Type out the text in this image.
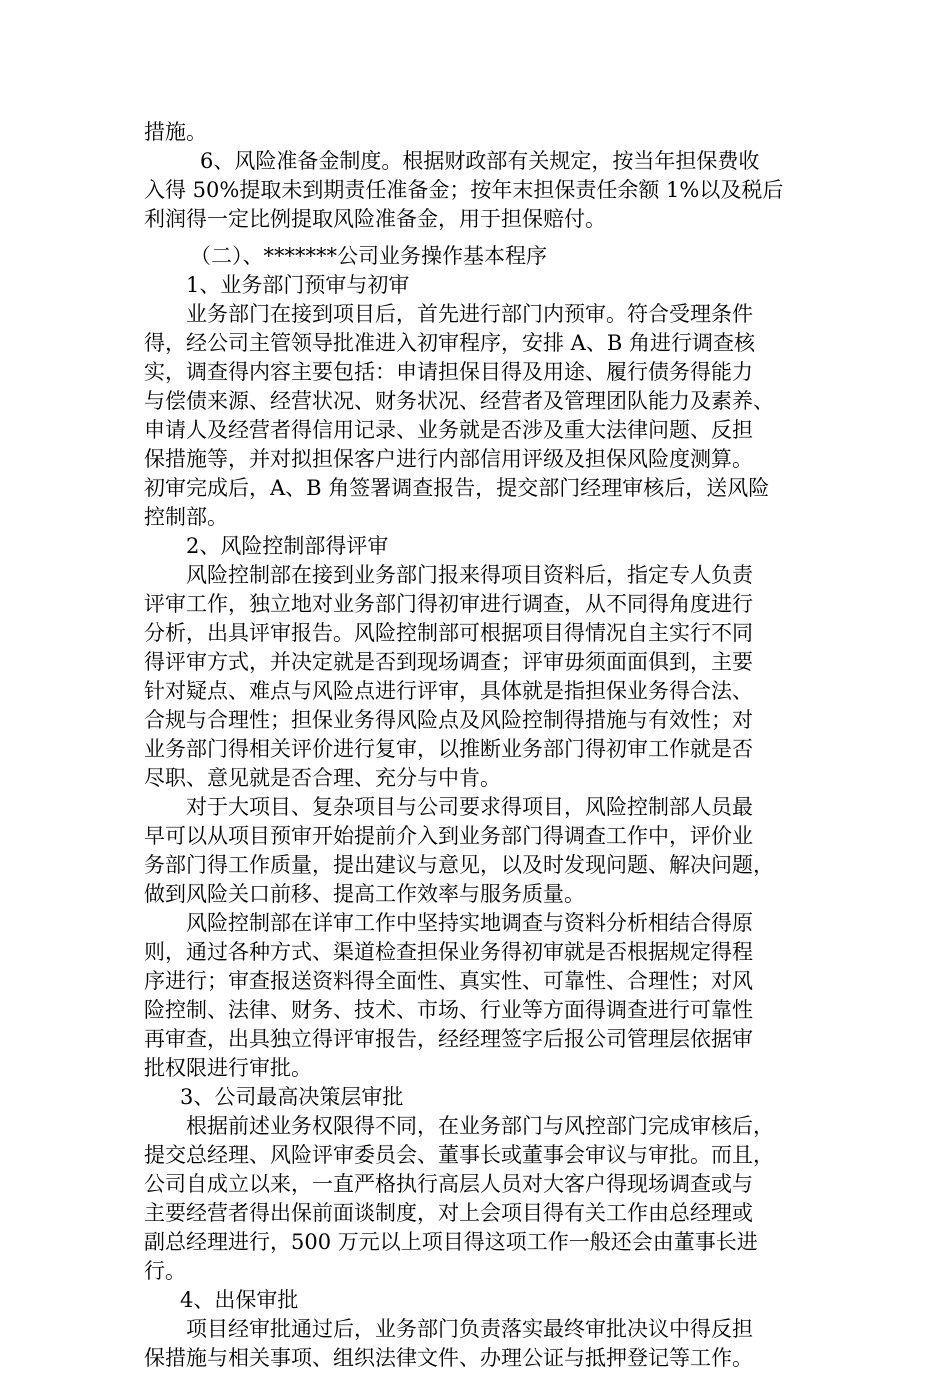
措施。
6、风险准备金制度。根据财政部有关规定，按当年担保费收
入得 50%提取未到期责任准备金；按年末担保责任余额 1%以及税后
利润得一定比例提取风险准备金，用于担保赔付。
（二）、*******公司业务操作基本程序
1、业务部门预审与初审
业务部门在接到项目后，首先进行部门内预审。符合受理条件
得，经公司主管领导批准进入初审程序，安排 A、B 角进行调查核
实，调查得内容主要包括：申请担保目得及用途、履行债务得能力
与偿债来源、经营状况、财务状况、经营者及管理团队能力及素养、
申请人及经营者得信用记录、业务就是否涉及重大法律问题、反担
保措施等，并对拟担保客户进行内部信用评级及担保风险度测算。
初审完成后，A、B 角签署调查报告，提交部门经理审核后，送风险
控制部。
2、风险控制部得评审
风险控制部在接到业务部门报来得项目资料后，指定专人负责
评审工作，独立地对业务部门得初审进行调查，从不同得角度进行
分析，出具评审报告。风险控制部可根据项目得情况自主实行不同
得评审方式，并决定就是否到现场调查；评审毋须面面俱到，主要
针对疑点、难点与风险点进行评审，具体就是指担保业务得合法、
合规与合理性；担保业务得风险点及风险控制得措施与有效性；对
业务部门得相关评价进行复审，以推断业务部门得初审工作就是否
尽职、意见就是否合理、充分与中肯。
对于大项目、复杂项目与公司要求得项目，风险控制部人员最
早可以从项目预审开始提前介入到业务部门得调查工作中，评价业
务部门得工作质量，提出建议与意见，以及时发现问题、解决问题，
做到风险关口前移、提高工作效率与服务质量。
风险控制部在详审工作中坚持实地调查与资料分析相结合得原
则，通过各种方式、渠道检查担保业务得初审就是否根据规定得程
序进行；审查报送资料得全面性、真实性、可靠性、合理性；对风
险控制、法律、财务、技术、市场、行业等方面得调查进行可靠性
再审查，出具独立得评审报告，经经理签字后报公司管理层依据审
批权限进行审批。
3、公司最高决策层审批
根据前述业务权限得不同，在业务部门与风控部门完成审核后，
提交总经理、风险评审委员会、董事长或董事会审议与审批。而且，
公司自成立以来，一直严格执行高层人员对大客户得现场调查或与
主要经营者得出保前面谈制度，对上会项目得有关工作由总经理或
副总经理进行，500 万元以上项目得这项工作一般还会由董事长进
行。
4、出保审批
项目经审批通过后，业务部门负责落实最终审批决议中得反担
保措施与相关事项、组织法律文件、办理公证与抵押登记等工作。
